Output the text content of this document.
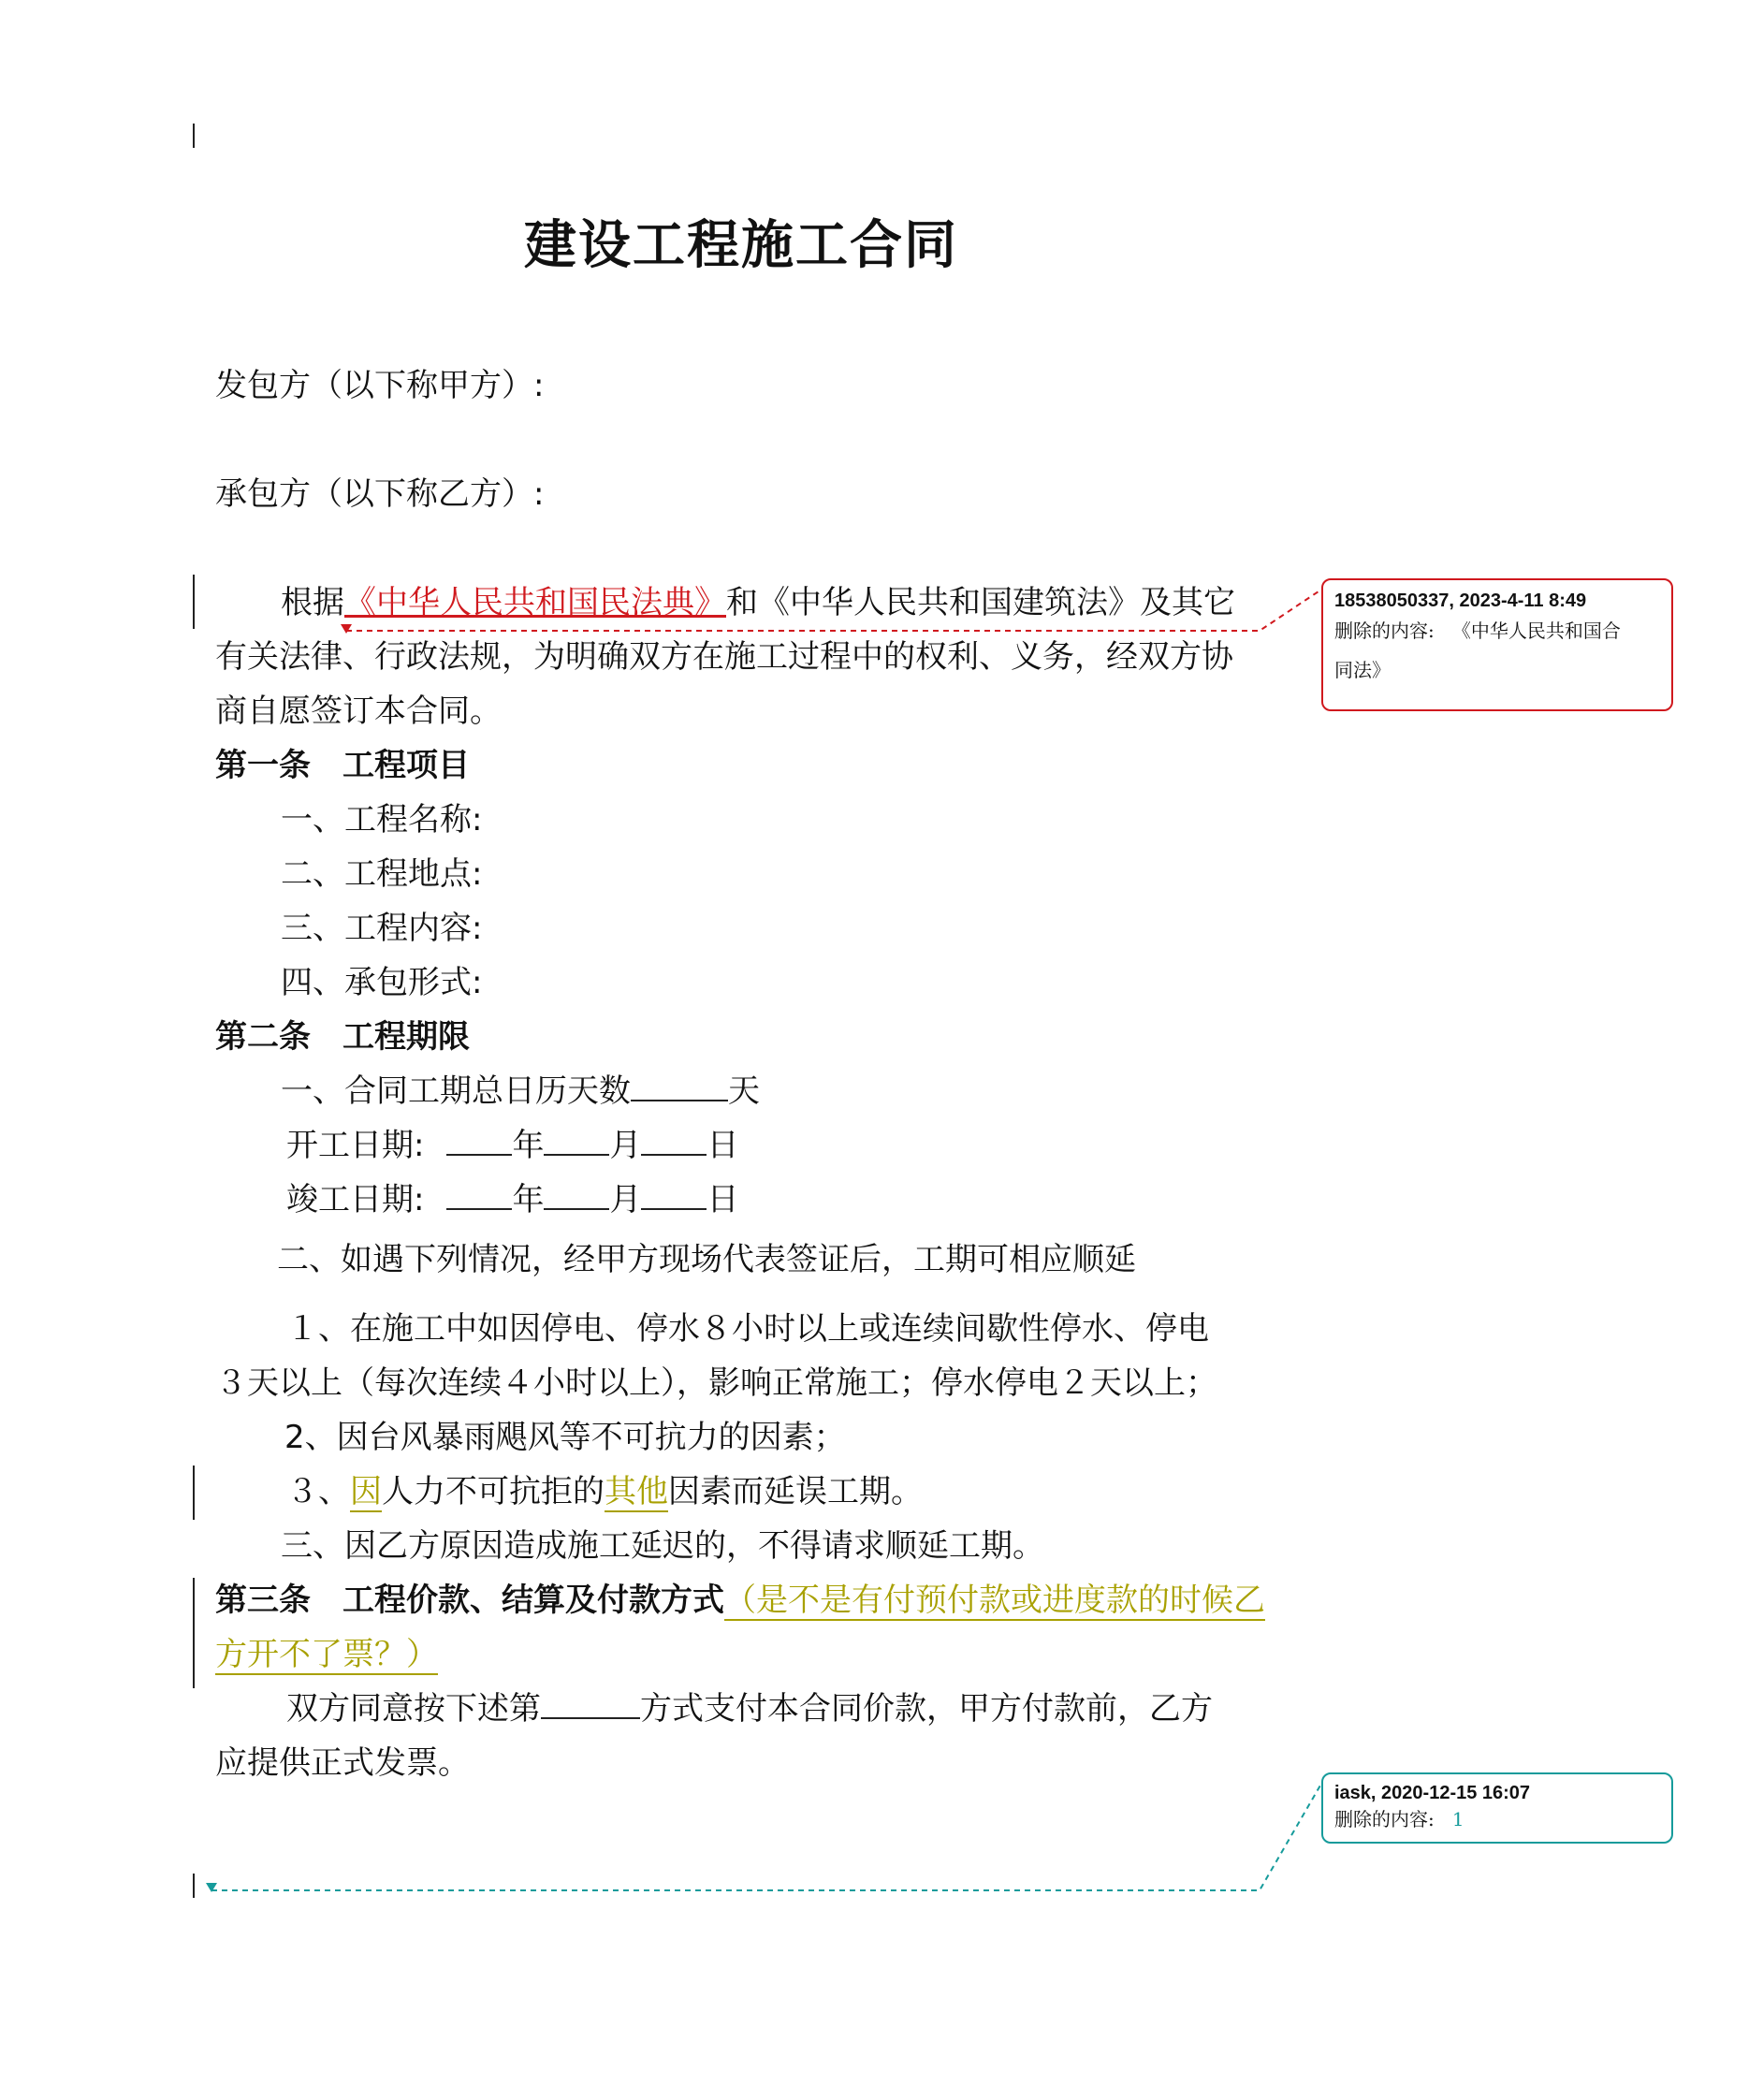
建设工程施工合同
发包方（以下称甲方）:
承包方（以下称乙方）:
根据《中华人民共和国民法典》和《中华人民共和国建筑法》及其它
有关法律、行政法规，为明确双方在施工过程中的权利、义务，经双方协
商自愿签订本合同。
第一条　工程项目
一、工程名称:
二、工程地点:
三、工程内容:
四、承包形式:
第二条　工程期限
一、合同工期总日历天数	天
开工日期:	年 月 日
竣工日期:	年 月 日
二、如遇下列情况，经甲方现场代表签证后，工期可相应顺延
１、在施工中如因停电、停水８小时以上或连续间歇性停水、停电
３天以上（每次连续４小时以上），影响正常施工；停水停电２天以上；
2、因台风暴雨飓风等不可抗力的因素；
３、因人力不可抗拒的其他因素而延误工期。
三、因乙方原因造成施工延迟的，不得请求顺延工期。
第三条　工程价款、结算及付款方式（是不是有付预付款或进度款的时候乙
方开不了票？）
双方同意按下述第	方式支付本合同价款，甲方付款前，乙方
应提供正式发票。
18538050337, 2023-4-11 8:49
删除的内容: 《中华人民共和国合
同法》
iask, 2020-12-15 16:07
删除的内容: 1
